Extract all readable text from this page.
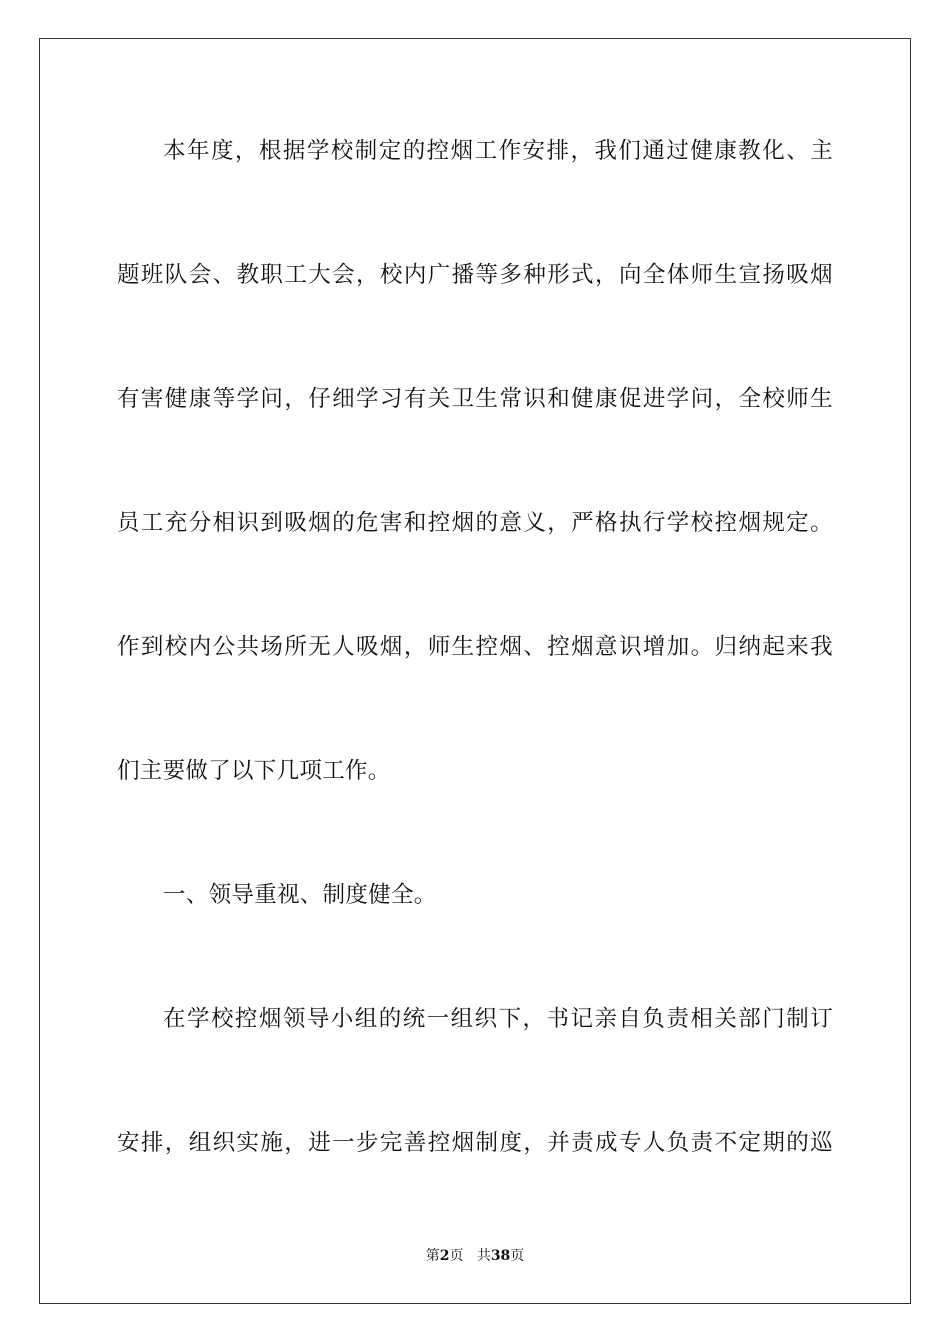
本年度，根据学校制定的控烟工作安排，我们通过健康教化、主
题班队会、教职工大会，校内广播等多种形式，向全体师生宣扬吸烟
有害健康等学问，仔细学习有关卫生常识和健康促进学问，全校师生
员工充分相识到吸烟的危害和控烟的意义，严格执行学校控烟规定。
作到校内公共场所无人吸烟，师生控烟、控烟意识增加。归纳起来我
们主要做了以下几项工作。
一、领导重视、制度健全。
在学校控烟领导小组的统一组织下，书记亲自负责相关部门制订
安排，组织实施，进一步完善控烟制度，并责成专人负责不定期的巡
第2页 共38页
